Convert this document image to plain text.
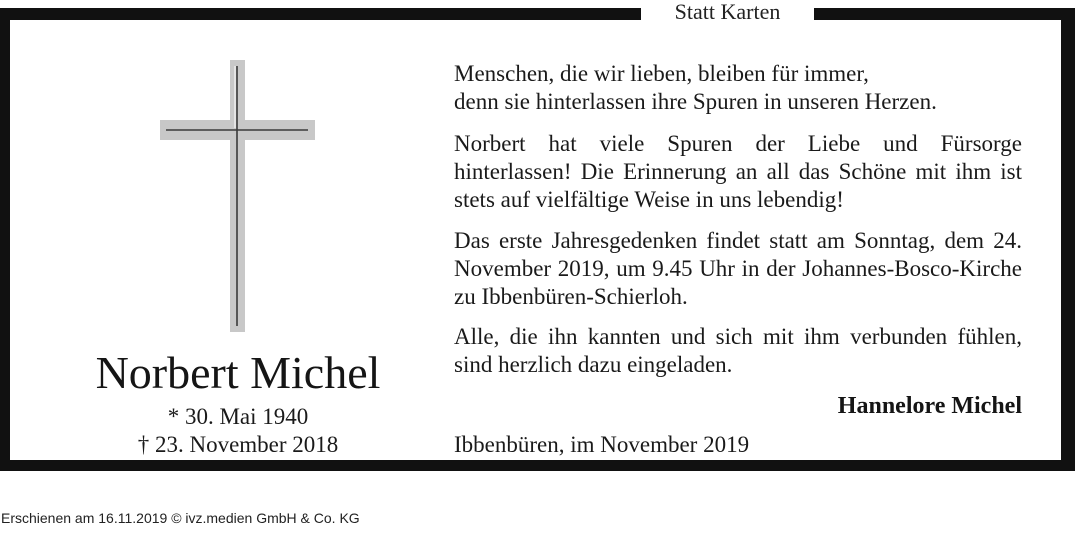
Norbert Michel
* 30. Mai 1940
† 23. November 2018

Menschen, die wir lieben, bleiben für immer,
denn sie hinterlassen ihre Spuren in unseren Herzen.

Norbert hat viele Spuren der Liebe und Fürsorge hinterlassen! Die Erinnerung an all das Schöne mit ihm ist stets auf vielfältige Weise in uns lebendig!

Das erste Jahresgedenken findet statt am Sonntag, dem 24. November 2019, um 9.45 Uhr in der Johannes-Bosco-Kirche zu Ibbenbüren-Schierloh.

Alle, die ihn kannten und sich mit ihm verbunden fühlen, sind herzlich dazu eingeladen.

Hannelore Michel
Ibbenbüren, im November 2019
Statt Karten
Erschienen am 16.11.2019 © ivz.medien GmbH & Co. KG
